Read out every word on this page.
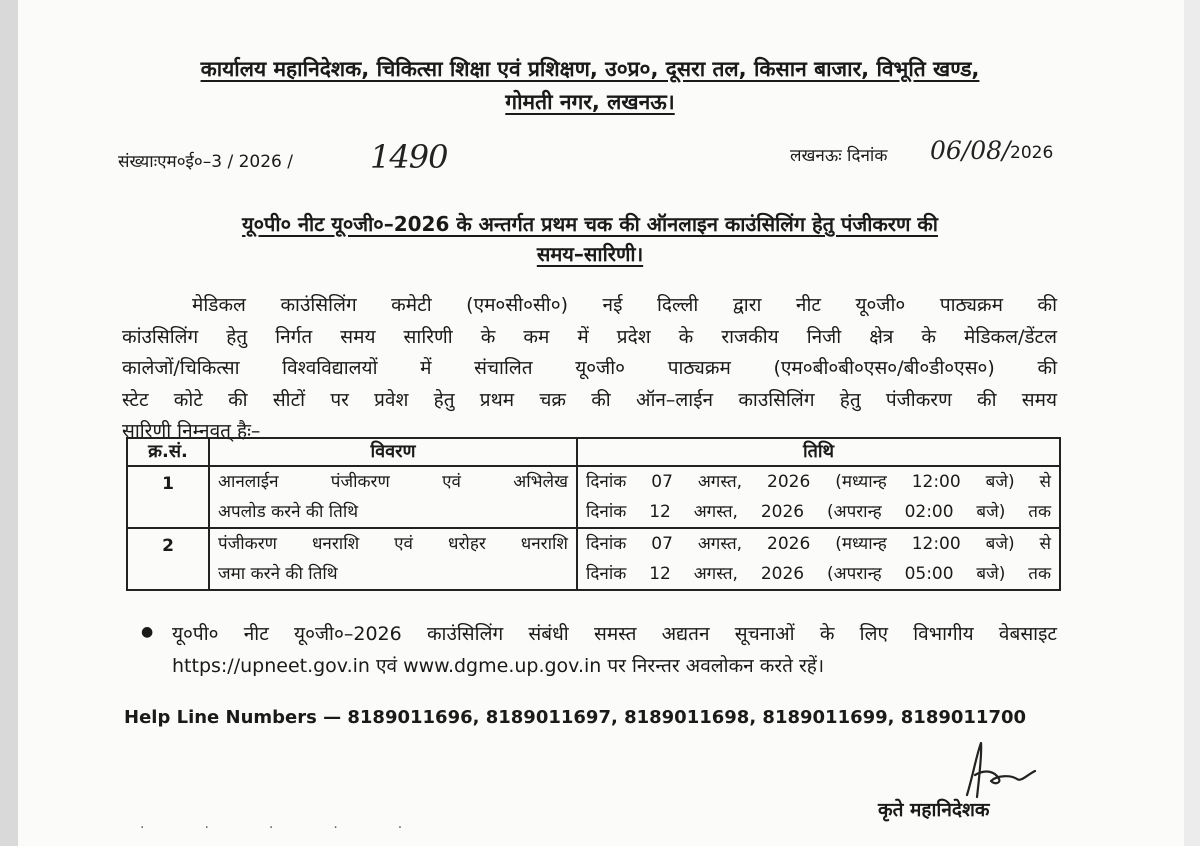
कार्यालय महानिदेशक, चिकित्सा शिक्षा एवं प्रशिक्षण, उ०प्र०, दूसरा तल, किसान बाजार, विभूति खण्ड,
गोमती नगर, लखनऊ।
संख्याःएम०ई०–3 / 2026 / 1490	लखनऊः दिनांक 06/08/ 2026
यू०पी० नीट यू०जी०–2026 के अन्तर्गत प्रथम चक की ऑनलाइन काउंसिलिंग हेतु पंजीकरण की
समय–सारिणी।
मेडिकल काउंसिलिंग कमेटी (एम०सी०सी०) नई दिल्ली द्वारा नीट यू०जी० पाठ्यक्रम की
कांउसिलिंग हेतु निर्गत समय सारिणी के कम में प्रदेश के राजकीय निजी क्षेत्र के मेडिकल/डेंटल
कालेजों/चिकित्सा विश्वविद्यालयों में संचालित यू०जी० पाठ्यक्रम (एम०बी०बी०एस०/बी०डी०एस०) की
स्टेट कोटे की सीटों पर प्रवेश हेतु प्रथम चक्र की ऑन–लाईन काउसिलिंग हेतु पंजीकरण की समय
सारिणी निम्नवत् हैः–
क्र.सं.	विवरण	तिथि
1	आनलाईन पंजीकरण एवं अभिलेख
अपलोड करने की तिथि	दिनांक 07 अगस्त, 2026 (मध्यान्ह 12:00 बजे) से
दिनांक 12 अगस्त, 2026 (अपरान्ह 02:00 बजे) तक

2	पंजीकरण धनराशि एवं धरोहर धनराशि
जमा करने की तिथि	दिनांक 07 अगस्त, 2026 (मध्यान्ह 12:00 बजे) से
दिनांक 12 अगस्त, 2026 (अपरान्ह 05:00 बजे) तक
● यू०पी० नीट यू०जी०–2026 काउंसिलिंग संबंधी समस्त अद्यतन सूचनाओं के लिए विभागीय वेबसाइट
https://upneet.gov.in एवं www.dgme.up.gov.in पर निरन्तर अवलोकन करते रहें।
Help Line Numbers — 8189011696, 8189011697, 8189011698, 8189011699, 8189011700
कृते महानिदेशक
·····
